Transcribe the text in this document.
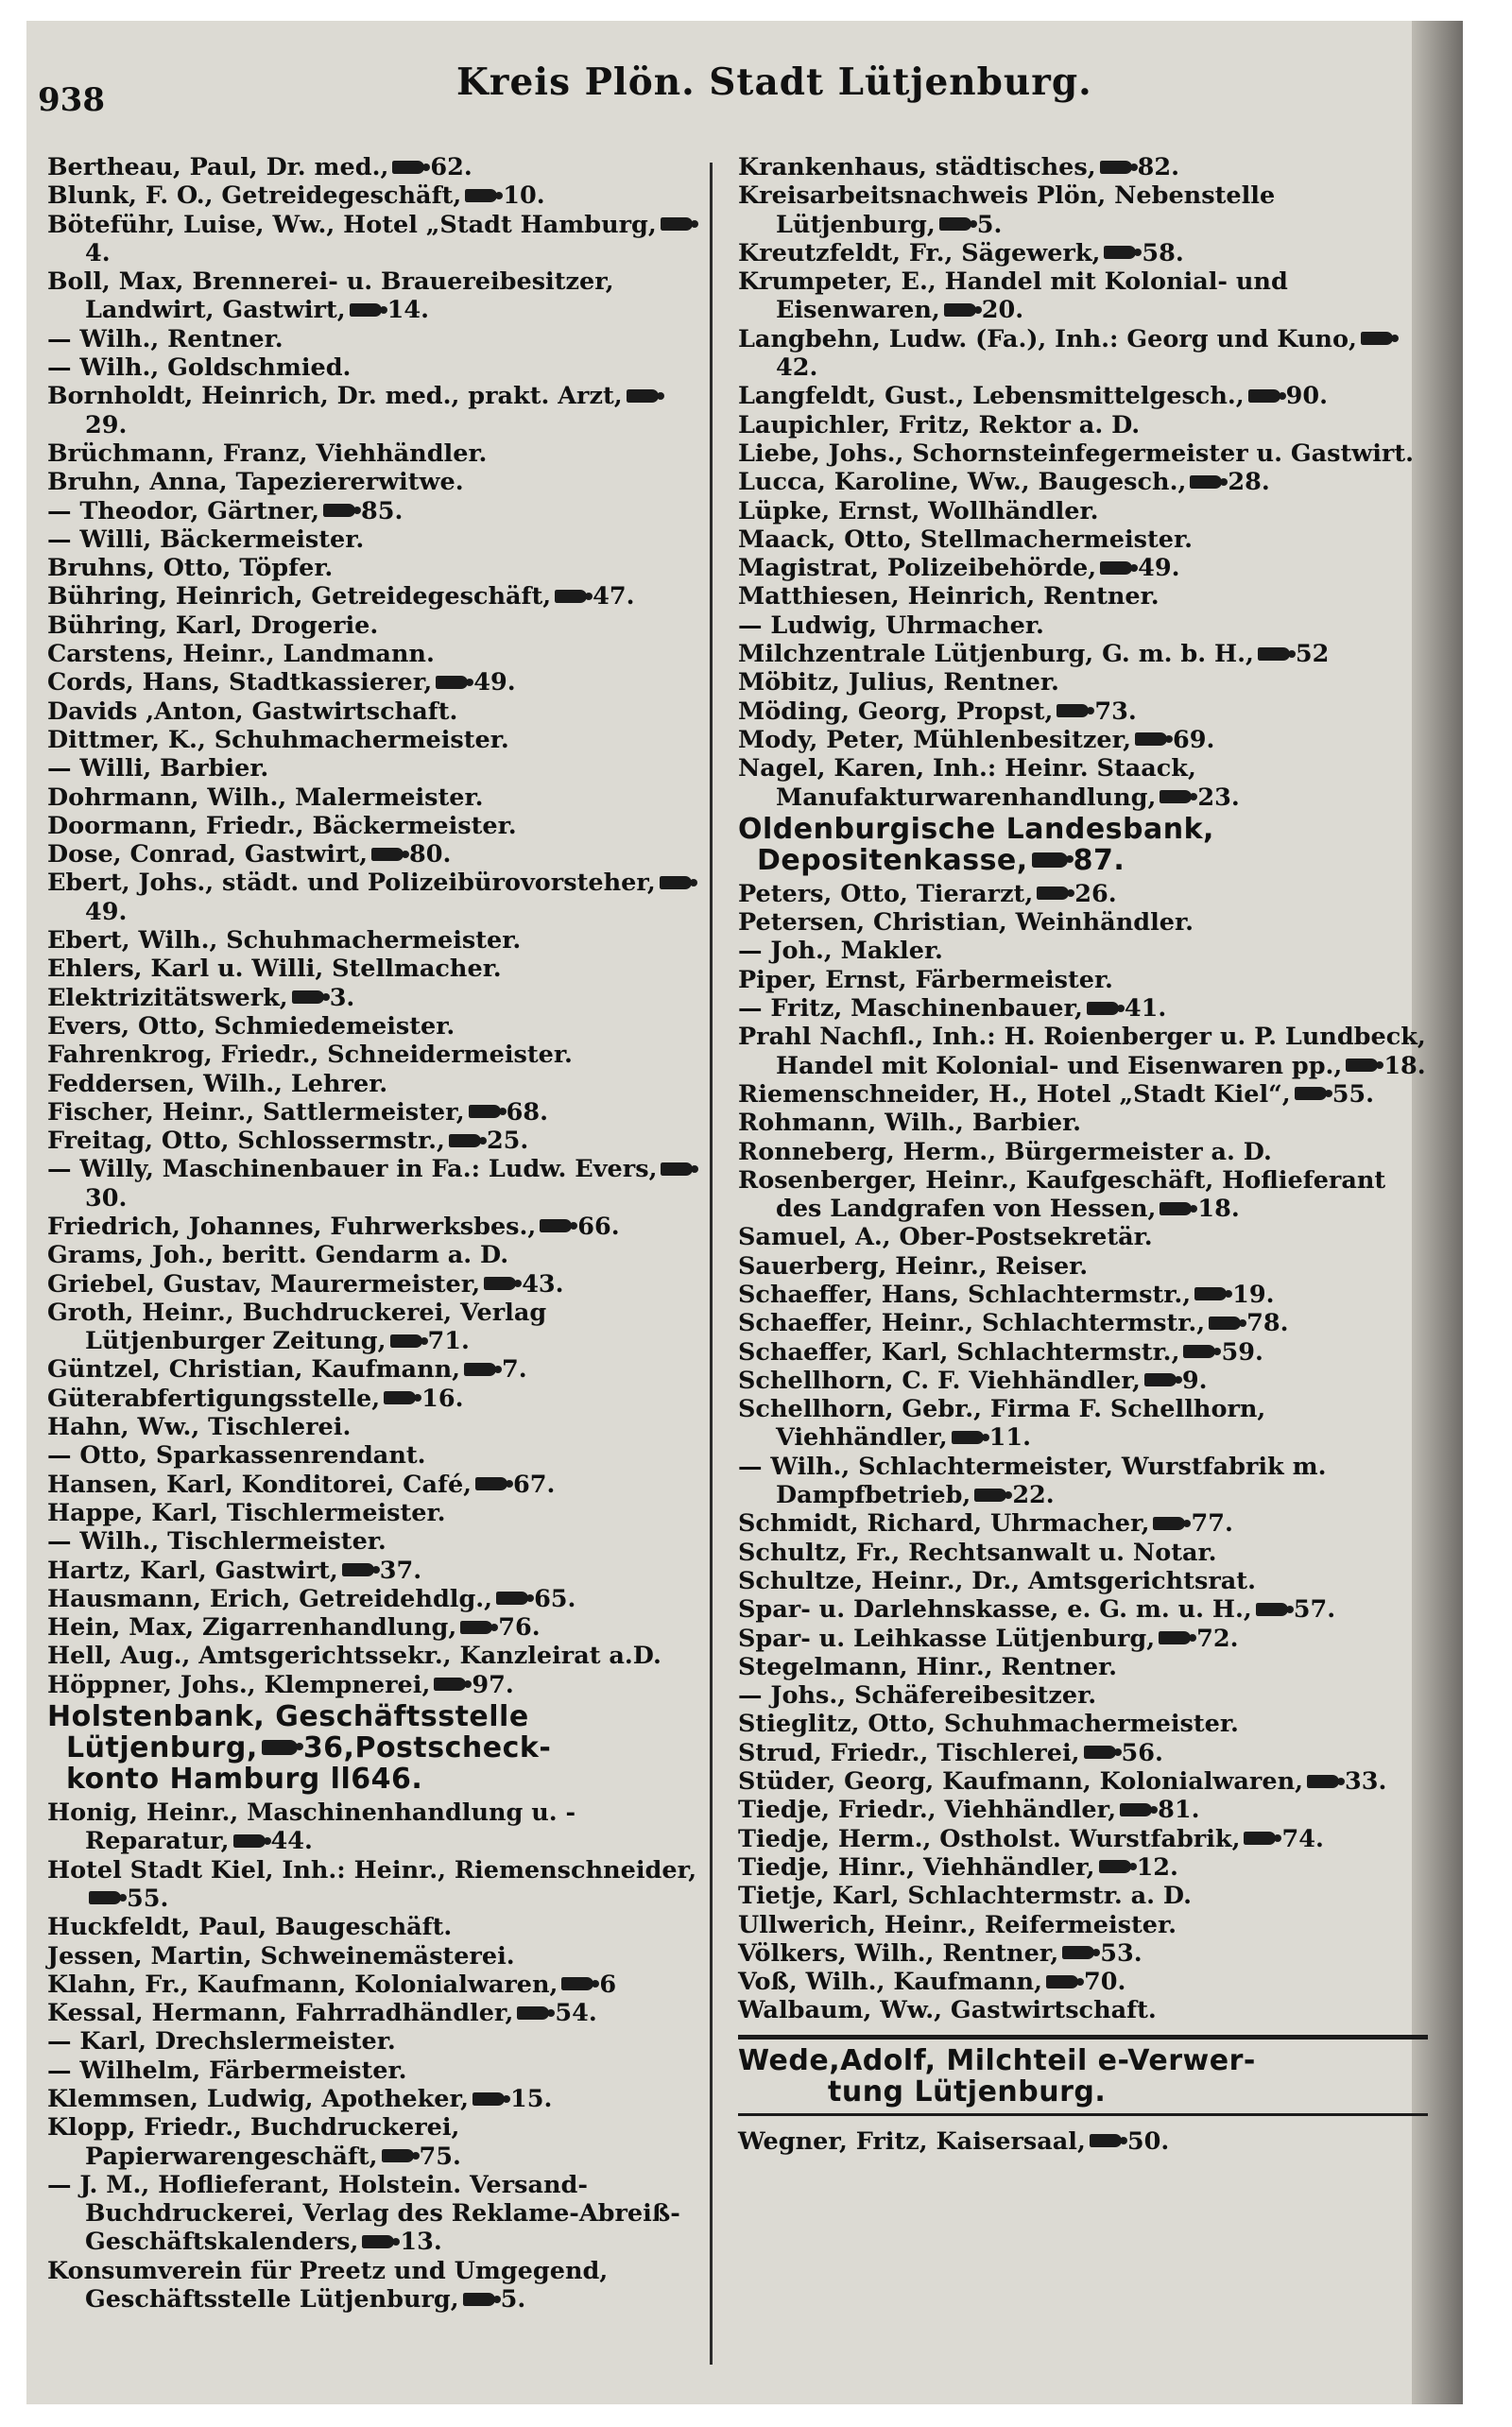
938	Kreis Plön. Stadt Lütjenburg.

Bertheau, Paul, Dr. med., 62.

Blunk, F. O., Getreidegeschäft, 10.

Böteführ, Luise, Ww., Hotel „Stadt Hamburg,4.

Boll, Max, Brennerei- u. Brauereibesitzer, Landwirt, Gastwirt, 14.

— Wilh., Rentner.

— Wilh., Goldschmied.

Bornholdt, Heinrich, Dr. med., prakt. Arzt,29.

Brüchmann, Franz, Viehhändler.

Bruhn, Anna, Tapeziererwitwe.

— Theodor, Gärtner, 85.

— Willi, Bäckermeister.

Bruhns, Otto, Töpfer.

Bühring, Heinrich, Getreidegeschäft, 47.

Bühring, Karl, Drogerie.

Carstens, Heinr., Landmann.

Cords, Hans, Stadtkassierer, 49.

Davids ,Anton, Gastwirtschaft.

Dittmer, K., Schuhmachermeister.

— Willi, Barbier.

Dohrmann, Wilh., Malermeister.

Doormann, Friedr., Bäckermeister.

Dose, Conrad, Gastwirt, 80.

Ebert, Johs., städt. und Polizeibürovorsteher,49.

Ebert, Wilh., Schuhmachermeister.

Ehlers, Karl u. Willi, Stellmacher.

Elektrizitätswerk, 3.

Evers, Otto, Schmiedemeister.

Fahrenkrog, Friedr., Schneidermeister.

Feddersen, Wilh., Lehrer.

Fischer, Heinr., Sattlermeister, 68.

Freitag, Otto, Schlossermstr., 25.

— Willy, Maschinenbauer in Fa.: Ludw. Evers,30.

Friedrich, Johannes, Fuhrwerksbes., 66.

Grams, Joh., beritt. Gendarm a. D.

Griebel, Gustav, Maurermeister, 43.

Groth, Heinr., Buchdruckerei, Verlag Lütjenburger Zeitung, 71.

Güntzel, Christian, Kaufmann, 7.

Güterabfertigungsstelle, 16.

Hahn, Ww., Tischlerei.

— Otto, Sparkassenrendant.

Hansen, Karl, Konditorei, Café, 67.

Happe, Karl, Tischlermeister.

— Wilh., Tischlermeister.

Hartz, Karl, Gastwirt, 37.

Hausmann, Erich, Getreidehdlg., 65.

Hein, Max, Zigarrenhandlung, 76.

Hell, Aug., Amtsgerichtssekr., Kanzleirat a.D.

Höppner, Johs., Klempnerei, 97.

Holstenbank, Geschäftsstelle
Lütjenburg, 36,Postscheck-
konto Hamburg ll646.

Honig, Heinr., Maschinenhandlung u. -Reparatur, 44.

Hotel Stadt Kiel, Inh.: Heinr., Riemenschneider,55.

Huckfeldt, Paul, Baugeschäft.

Jessen, Martin, Schweinemästerei.

Klahn, Fr., Kaufmann, Kolonialwaren, 6

Kessal, Hermann, Fahrradhändler, 54.

— Karl, Drechslermeister.

— Wilhelm, Färbermeister.

Klemmsen, Ludwig, Apotheker, 15.

Klopp, Friedr., Buchdruckerei, Papierwarengeschäft, 75.

— J. M., Hoflieferant, Holstein. Versand-Buchdruckerei, Verlag des Reklame-Abreiß-Geschäftskalenders, 13.

Konsumverein für Preetz und Umgegend, Geschäftsstelle Lütjenburg, 5.

Krankenhaus, städtisches, 82.

Kreisarbeitsnachweis Plön, Nebenstelle Lütjenburg, 5.

Kreutzfeldt, Fr., Sägewerk, 58.

Krumpeter, E., Handel mit Kolonial- und Eisenwaren, 20.

Langbehn, Ludw. (Fa.), Inh.: Georg und Kuno,42.

Langfeldt, Gust., Lebensmittelgesch., 90.

Laupichler, Fritz, Rektor a. D.

Liebe, Johs., Schornsteinfegermeister u. Gastwirt.

Lucca, Karoline, Ww., Baugesch., 28.

Lüpke, Ernst, Wollhändler.

Maack, Otto, Stellmachermeister.

Magistrat, Polizeibehörde, 49.

Matthiesen, Heinrich, Rentner.

— Ludwig, Uhrmacher.

Milchzentrale Lütjenburg, G. m. b. H., 52

Möbitz, Julius, Rentner.

Möding, Georg, Propst, 73.

Mody, Peter, Mühlenbesitzer, 69.

Nagel, Karen, Inh.: Heinr. Staack, Manufakturwarenhandlung, 23.

Oldenburgische Landesbank,
Depositenkasse, 87.

Peters, Otto, Tierarzt, 26.

Petersen, Christian, Weinhändler.

— Joh., Makler.

Piper, Ernst, Färbermeister.

— Fritz, Maschinenbauer, 41.

Prahl Nachfl., Inh.: H. Roienberger u. P. Lundbeck, Handel mit Kolonial- und Eisenwaren pp., 18.

Riemenschneider, H., Hotel „Stadt Kiel“, 55.

Rohmann, Wilh., Barbier.

Ronneberg, Herm., Bürgermeister a. D.

Rosenberger, Heinr., Kaufgeschäft, Hoflieferant des Landgrafen von Hessen, 18.

Samuel, A., Ober-Postsekretär.

Sauerberg, Heinr., Reiser.

Schaeffer, Hans, Schlachtermstr., 19.

Schaeffer, Heinr., Schlachtermstr., 78.

Schaeffer, Karl, Schlachtermstr., 59.

Schellhorn, C. F. Viehhändler, 9.

Schellhorn, Gebr., Firma F. Schellhorn, Viehhändler, 11.

— Wilh., Schlachtermeister, Wurstfabrik m. Dampfbetrieb, 22.

Schmidt, Richard, Uhrmacher, 77.

Schultz, Fr., Rechtsanwalt u. Notar.

Schultze, Heinr., Dr., Amtsgerichtsrat.

Spar- u. Darlehnskasse, e. G. m. u. H., 57.

Spar- u. Leihkasse Lütjenburg, 72.

Stegelmann, Hinr., Rentner.

— Johs., Schäfereibesitzer.

Stieglitz, Otto, Schuhmachermeister.

Strud, Friedr., Tischlerei, 56.

Stüder, Georg, Kaufmann, Kolonialwaren, 33.

Tiedje, Friedr., Viehhändler, 81.

Tiedje, Herm., Ostholst. Wurstfabrik, 74.

Tiedje, Hinr., Viehhändler, 12.

Tietje, Karl, Schlachtermstr. a. D.

Ullwerich, Heinr., Reifermeister.

Völkers, Wilh., Rentner, 53.

Voß, Wilh., Kaufmann, 70.

Walbaum, Ww., Gastwirtschaft.

Wede,Adolf, Milchteil e-Verwer-
tung Lütjenburg.

Wegner, Fritz, Kaisersaal, 50.
